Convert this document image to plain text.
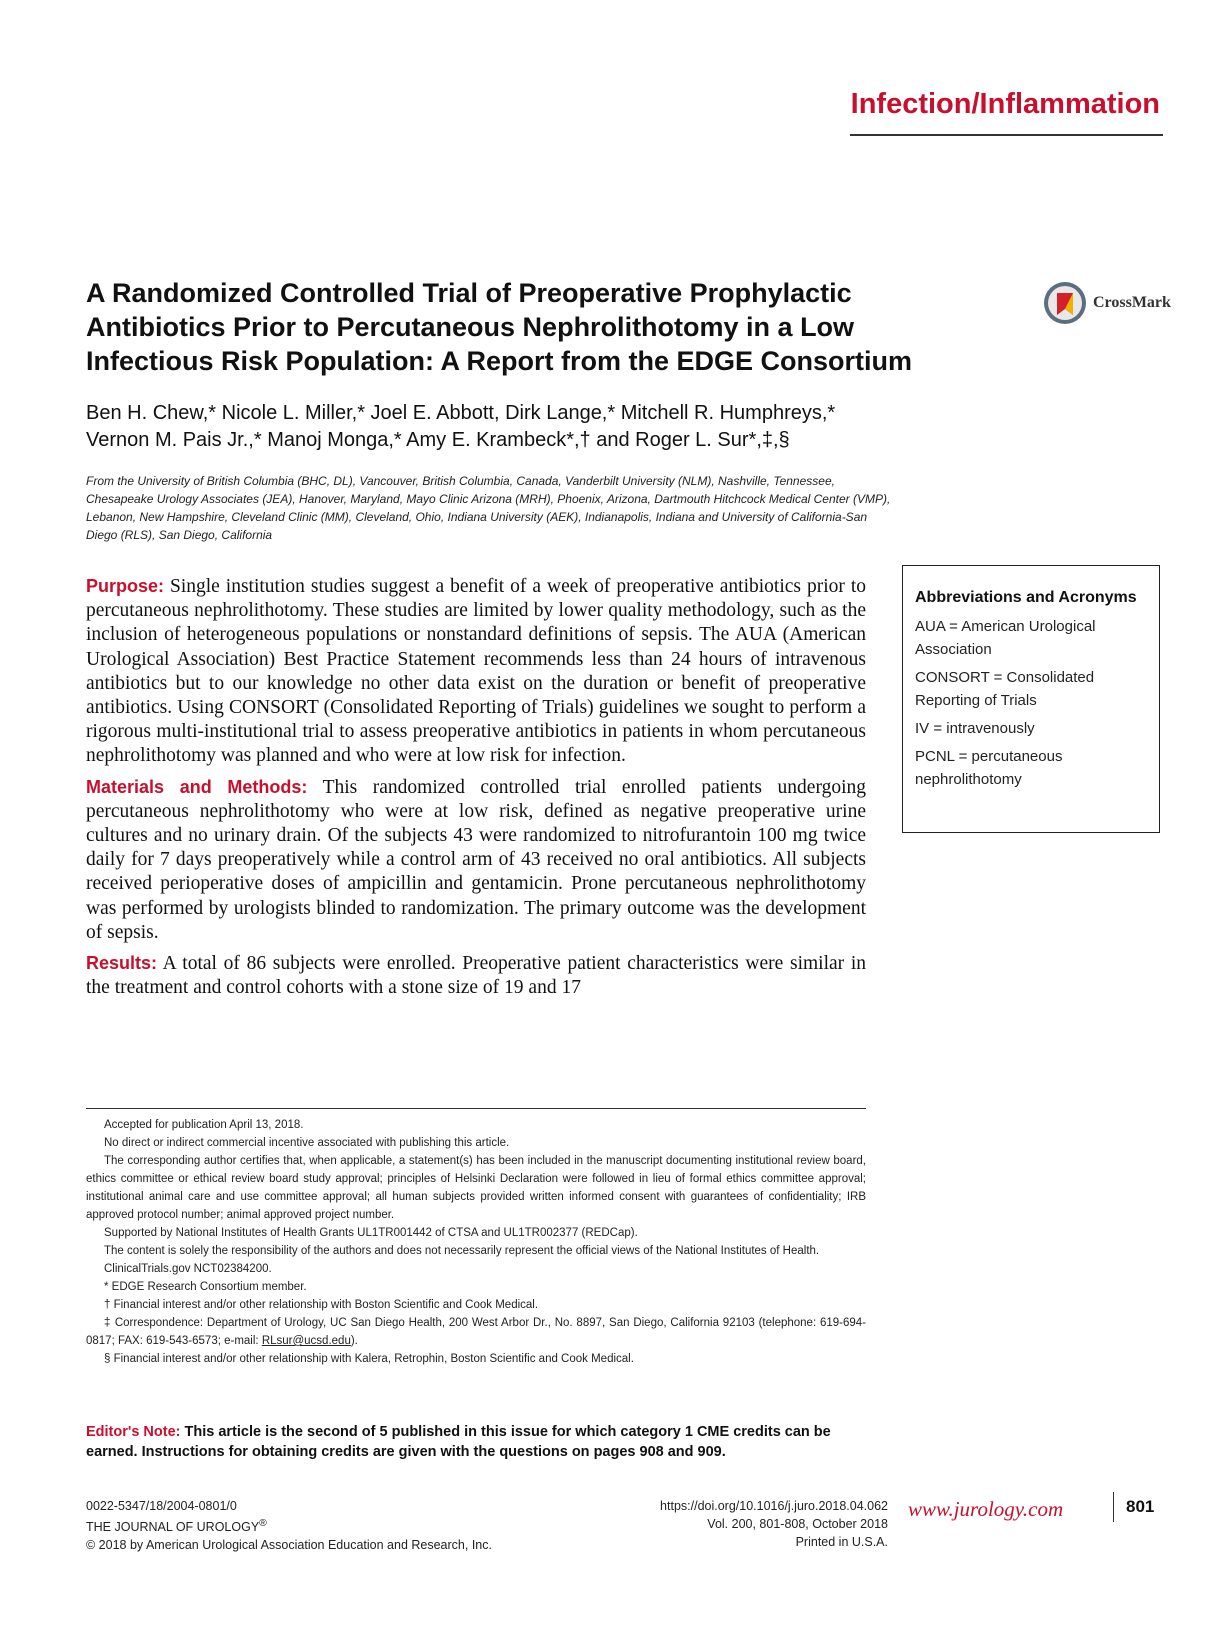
Infection/Inflammation
A Randomized Controlled Trial of Preoperative Prophylactic Antibiotics Prior to Percutaneous Nephrolithotomy in a Low Infectious Risk Population: A Report from the EDGE Consortium
CrossMark
Ben H. Chew,* Nicole L. Miller,* Joel E. Abbott, Dirk Lange,* Mitchell R. Humphreys,*
Vernon M. Pais Jr.,* Manoj Monga,* Amy E. Krambeck*,† and Roger L. Sur*,‡,§
From the University of British Columbia (BHC, DL), Vancouver, British Columbia, Canada, Vanderbilt University (NLM), Nashville, Tennessee, Chesapeake Urology Associates (JEA), Hanover, Maryland, Mayo Clinic Arizona (MRH), Phoenix, Arizona, Dartmouth Hitchcock Medical Center (VMP), Lebanon, New Hampshire, Cleveland Clinic (MM), Cleveland, Ohio, Indiana University (AEK), Indianapolis, Indiana and University of California-San Diego (RLS), San Diego, California

Purpose: Single institution studies suggest a benefit of a week of preoperative antibiotics prior to percutaneous nephrolithotomy. These studies are limited by lower quality methodology, such as the inclusion of heterogeneous populations or nonstandard definitions of sepsis. The AUA (American Urological Association) Best Practice Statement recommends less than 24 hours of intravenous antibiotics but to our knowledge no other data exist on the duration or benefit of preoperative antibiotics. Using CONSORT (Consolidated Reporting of Trials) guidelines we sought to perform a rigorous multi-institutional trial to assess preoperative antibiotics in patients in whom percutaneous nephrolithotomy was planned and who were at low risk for infection.

Materials and Methods: This randomized controlled trial enrolled patients undergoing percutaneous nephrolithotomy who were at low risk, defined as negative preoperative urine cultures and no urinary drain. Of the subjects 43 were randomized to nitrofurantoin 100 mg twice daily for 7 days preoperatively while a control arm of 43 received no oral antibiotics. All subjects received perioperative doses of ampicillin and gentamicin. Prone percutaneous nephrolithotomy was performed by urologists blinded to randomization. The primary outcome was the development of sepsis.

Results: A total of 86 subjects were enrolled. Preoperative patient characteristics were similar in the treatment and control cohorts with a stone size of 19 and 17

Abbreviations and Acronyms
AUA = American Urological Association
CONSORT = Consolidated Reporting of Trials
IV = intravenously
PCNL = percutaneous nephrolithotomy

Accepted for publication April 13, 2018.

No direct or indirect commercial incentive associated with publishing this article.

The corresponding author certifies that, when applicable, a statement(s) has been included in the manuscript documenting institutional review board, ethics committee or ethical review board study approval; principles of Helsinki Declaration were followed in lieu of formal ethics committee approval; institutional animal care and use committee approval; all human subjects provided written informed consent with guarantees of confidentiality; IRB approved protocol number; animal approved project number.

Supported by National Institutes of Health Grants UL1TR001442 of CTSA and UL1TR002377 (REDCap).

The content is solely the responsibility of the authors and does not necessarily represent the official views of the National Institutes of Health.

ClinicalTrials.gov NCT02384200.

* EDGE Research Consortium member.

† Financial interest and/or other relationship with Boston Scientific and Cook Medical.

‡ Correspondence: Department of Urology, UC San Diego Health, 200 West Arbor Dr., No. 8897, San Diego, California 92103 (telephone: 619-694-0817; FAX: 619-543-6573; e-mail: RLsur@ucsd.edu).

§ Financial interest and/or other relationship with Kalera, Retrophin, Boston Scientific and Cook Medical.

Editor's Note: This article is the second of 5 published in this issue for which category 1 CME credits can be earned. Instructions for obtaining credits are given with the questions on pages 908 and 909.
0022-5347/18/2004-0801/0
THE JOURNAL OF UROLOGY®
© 2018 by American Urological Association Education and Research, Inc.
https://doi.org/10.1016/j.juro.2018.04.062
Vol. 200, 801-808, October 2018
Printed in U.S.A.
www.jurology.com	801
